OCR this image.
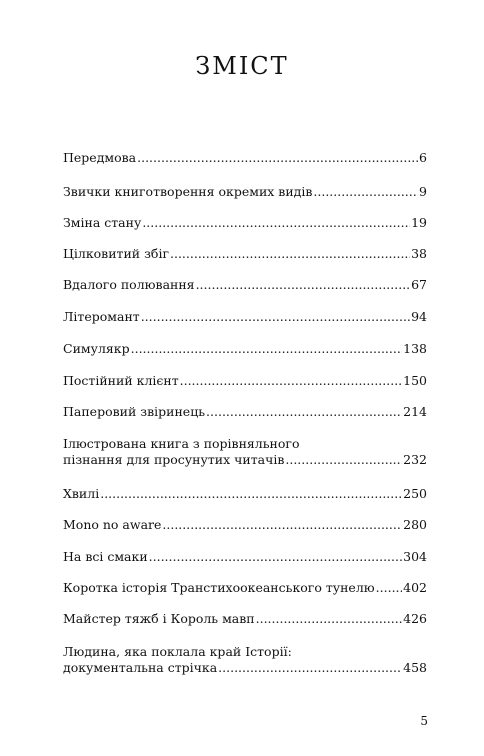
ЗМІСТ
Передмова .....	6
Звички книготворення окремих видів .....	9
Зміна стану .....	19
Цілковитий збіг .....	38
Вдалого полювання .....	67
Літеромант .....	94
Симулякр .....	138
Постійний клієнт .....	150
Паперовий звіринець .....	214
Ілюстрована книга з порівняльного
пізнання для просунутих читачів .....	232
Хвилі .....	250
Mono no aware .....	280
На всі смаки .....	304
Коротка історія Транстихоокеанського тунелю ..... 402
Майстер тяжб і Король мавп .....	426
Людина, яка поклала край Історії:
документальна стрічка .....	458
5
